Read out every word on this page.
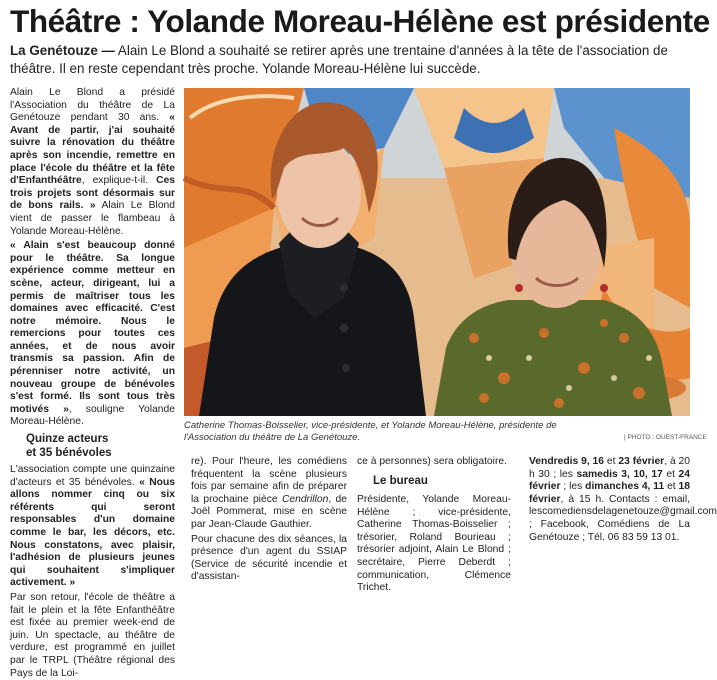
Théâtre : Yolande Moreau-Hélène est présidente
La Genétouze — Alain Le Blond a souhaité se retirer après une trentaine d'années à la tête de l'association de théâtre. Il en reste cependant très proche. Yolande Moreau-Hélène lui succède.

Alain Le Blond a présidé l'Association du théâtre de La Genétouze pendant 30 ans. « Avant de partir, j'ai souhaité suivre la rénovation du théâtre après son incendie, remettre en place l'école du théâtre et la fête d'Enfanthéâtre, explique-t-il. Ces trois projets sont désormais sur de bons rails. » Alain Le Blond vient de passer le flambeau à Yolande Moreau-Hélène.

« Alain s'est beaucoup donné pour le théâtre. Sa longue expérience comme metteur en scène, acteur, dirigeant, lui a permis de maîtriser tous les domaines avec efficacité. C'est notre mémoire. Nous le remercions pour toutes ces années, et de nous avoir transmis sa passion. Afin de pérenniser notre activité, un nouveau groupe de bénévoles s'est formé. Ils sont tous très motivés », souligne Yolande Moreau-Hélène.

Quinze acteurs
et 35 bénévoles

L'association compte une quinzaine d'acteurs et 35 bénévoles. « Nous allons nommer cinq ou six référents qui seront responsables d'un domaine comme le bar, les décors, etc. Nous constatons, avec plaisir, l'adhésion de plusieurs jeunes qui souhaitent s'impliquer activement. »

Par son retour, l'école de théâtre a fait le plein et la fête Enfanthéâtre est fixée au premier week-end de juin. Un spectacle, au théâtre de verdure, est programmé en juillet par le TRPL (Théâtre régional des Pays de la Loi-

Catherine Thomas-Boisselier, vice-présidente, et Yolande Moreau-Hélène, présidente de l'Association du théâtre de La Genétouze.	| PHOTO : OUEST-FRANCE

re). Pour l'heure, les comédiens fréquentent la scène plusieurs fois par semaine afin de préparer la prochaine pièce Cendrillon, de Joël Pommerat, mise en scène par Jean-Claude Gauthier.

Pour chacune des dix séances, la présence d'un agent du SSIAP (Service de sécurité incendie et d'assistan-

ce à personnes) sera obligatoire.

Le bureau

Présidente, Yolande Moreau-Hélène ; vice-présidente, Catherine Thomas-Boisselier ; trésorier, Roland Bourieau ; trésorier adjoint, Alain Le Blond ; secrétaire, Pierre Deberdt ; communication, Clémence Trichet.

Vendredis 9, 16 et 23 février, à 20 h 30 ; les samedis 3, 10, 17 et 24 février ; les dimanches 4, 11 et 18 février, à 15 h. Contacts : email, lescomediensdelagenetouze@gmail.com ; Facebook, Comédiens de La Genétouze ; Tél. 06 83 59 13 01.
